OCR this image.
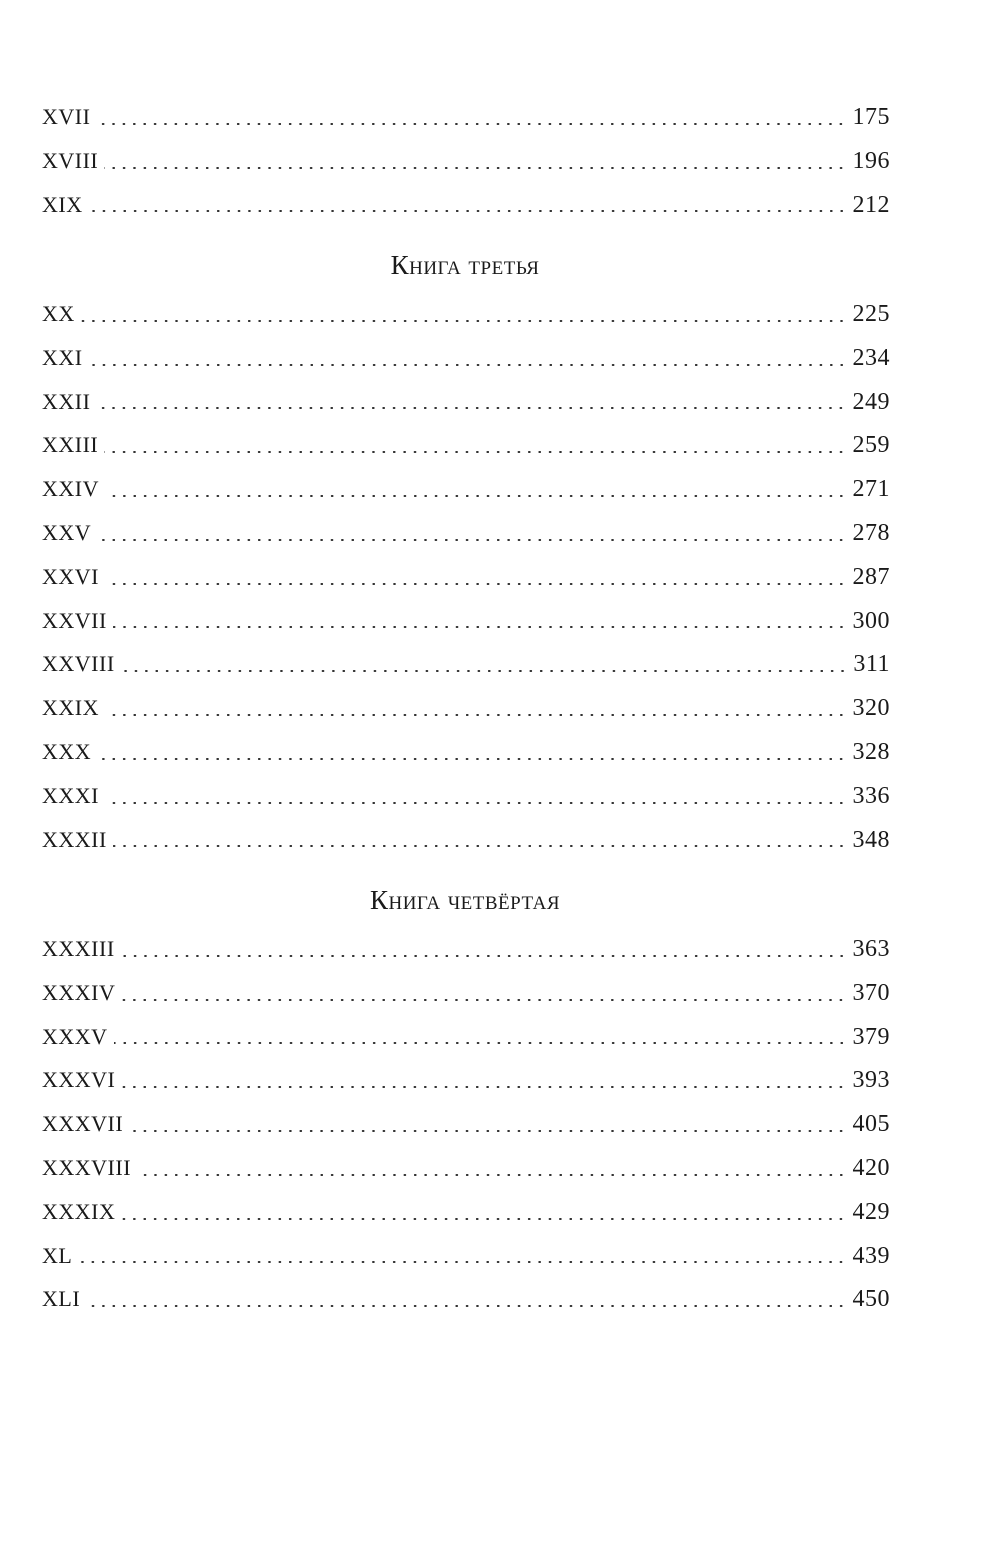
XVII	175
XVIII	196
XIX	212
Книга третья
XX	225
XXI	234
XXII	249
XXIII	259
XXIV	271
XXV	278
XXVI	287
XXVII	300
XXVIII	311
XXIX	320
XXX	328
XXXI	336
XXXII	348
Книга четвёртая
XXXIII	363
XXXIV	370
XXXV	379
XXXVI	393
XXXVII	405
XXXVIII	420
XXXIX	429
XL	439
XLI	450
